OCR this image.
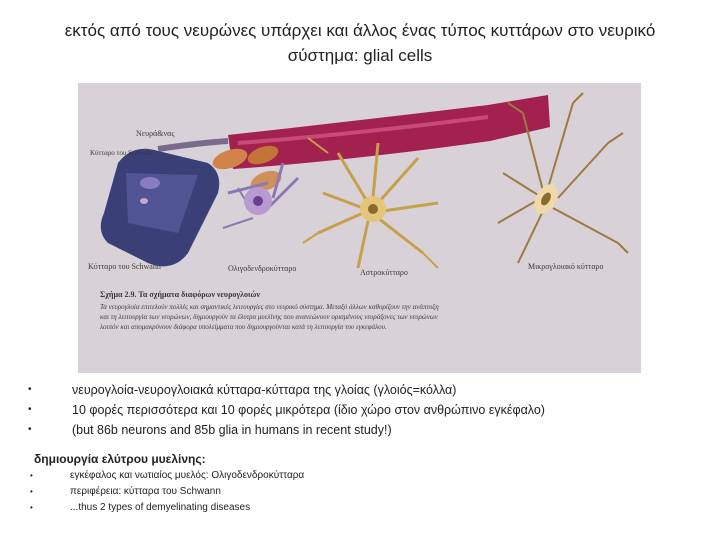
εκτός από τους νευρώνες υπάρχει και άλλος ένας τύπος κυττάρων στο νευρικό σύστημα: glial cells
Νευρά&νας
Κύτταρο του Schwann
Κύτταρο του Schwann	Ολιγοδενδροκύτταρο	Αστροκύτταρο
Μικρογλοιακό κύτταρο
Σχήμα 2.9. Τα σχήματα διαφόρων νευρογλοιών
Τα νευρογλοία επιτελούν πολλές και σημαντικές λειτουργίες στο νευρικό σύστημα. Μεταξύ άλλων καθορίζουν την ανάπτυξη
και τη λειτουργία των νευρώνων, δημιουργούν τα έλυτρα μυελίνης που ανανεώνουν ορισμένους νευράξονες των νευρώνων
λοιπόν και απομακρύνουν διάφορα υπολείμματα που δημιουργούνται κατά τη λειτουργία του εγκεφάλου.
•	νευρογλοία-νευρογλοιακά κύτταρα-κύτταρα της γλοίας (γλοιός=κόλλα)
•	10 φορές περισσότερα και 10 φορές μικρότερα (ίδιο χώρο στον ανθρώπινο εγκέφαλο)
•	(but 86b neurons and 85b glia in humans in recent study!)
δημιουργία ελύτρου μυελίνης:
•	εγκέφαλος και νωτιαίος μυελός: Ολιγοδενδροκύτταρα
•	περιφέρεια: κύτταρα του Schwann
•	...thus 2 types of demyelinating diseases
